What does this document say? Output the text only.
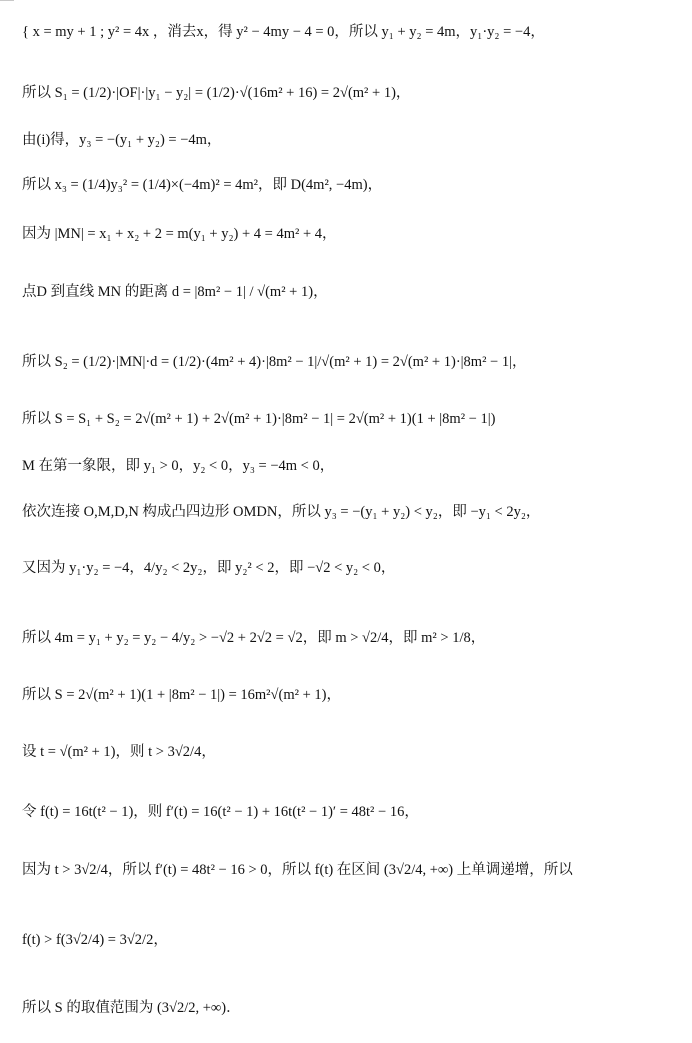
{ x = my + 1 ; y² = 4x ，消去x，得 y² − 4my − 4 = 0，所以 y₁ + y₂ = 4m，y₁·y₂ = −4，
所以 S₁ = (1/2)·|OF|·|y₁ − y₂| = (1/2)·√(16m² + 16) = 2√(m² + 1)，
由(i)得，y₃ = −(y₁ + y₂) = −4m，
所以 x₃ = (1/4)y₃² = (1/4)×(−4m)² = 4m²，即 D(4m², −4m)，
因为 |MN| = x₁ + x₂ + 2 = m(y₁ + y₂) + 4 = 4m² + 4，
点D 到直线 MN 的距离 d = |8m² − 1| / √(m² + 1)，
所以 S₂ = (1/2)·|MN|·d = (1/2)·(4m² + 4)·|8m² − 1|/√(m² + 1) = 2√(m² + 1)·|8m² − 1|，
所以 S = S₁ + S₂ = 2√(m² + 1) + 2√(m² + 1)·|8m² − 1| = 2√(m² + 1)(1 + |8m² − 1|)
M 在第一象限，即 y₁ > 0，y₂ < 0，y₃ = −4m < 0，
依次连接 O,M,D,N 构成凸四边形 OMDN，所以 y₃ = −(y₁ + y₂) < y₂，即 −y₁ < 2y₂，
又因为 y₁·y₂ = −4，4/y₂ < 2y₂，即 y₂² < 2，即 −√2 < y₂ < 0，
所以 4m = y₁ + y₂ = y₂ − 4/y₂ > −√2 + 2√2 = √2，即 m > √2/4，即 m² > 1/8，
所以 S = 2√(m² + 1)(1 + |8m² − 1|) = 16m²√(m² + 1)，
设 t = √(m² + 1)，则 t > 3√2/4，
令 f(t) = 16t(t² − 1)，则 f′(t) = 16(t² − 1) + 16t(t² − 1)′ = 48t² − 16，
因为 t > 3√2/4，所以 f′(t) = 48t² − 16 > 0，所以 f(t) 在区间 (3√2/4, +∞) 上单调递增，所以
f(t) > f(3√2/4) = 3√2/2，
所以 S 的取值范围为 (3√2/2, +∞)．
